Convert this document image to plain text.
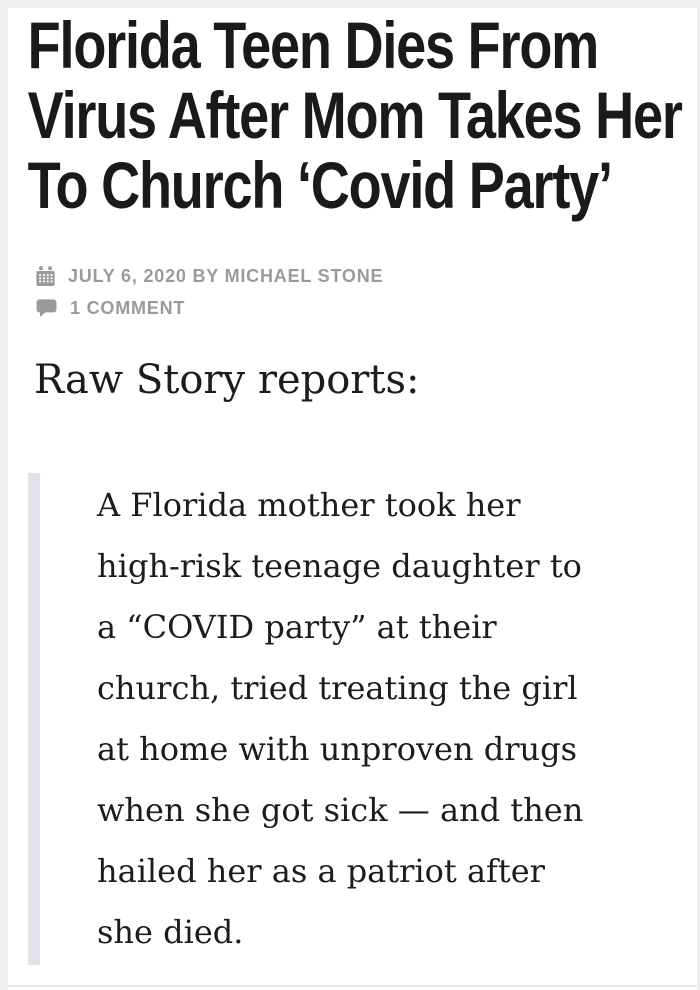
Florida Teen Dies From
Virus After Mom Takes Her
To Church ‘Covid Party’
JULY 6, 2020 BY MICHAEL STONE
1 COMMENT

Raw Story reports:

A Florida mother took her
high-risk teenage daughter to
a “COVID party” at their
church, tried treating the girl
at home with unproven drugs
when she got sick — and then
hailed her as a patriot after
she died.
